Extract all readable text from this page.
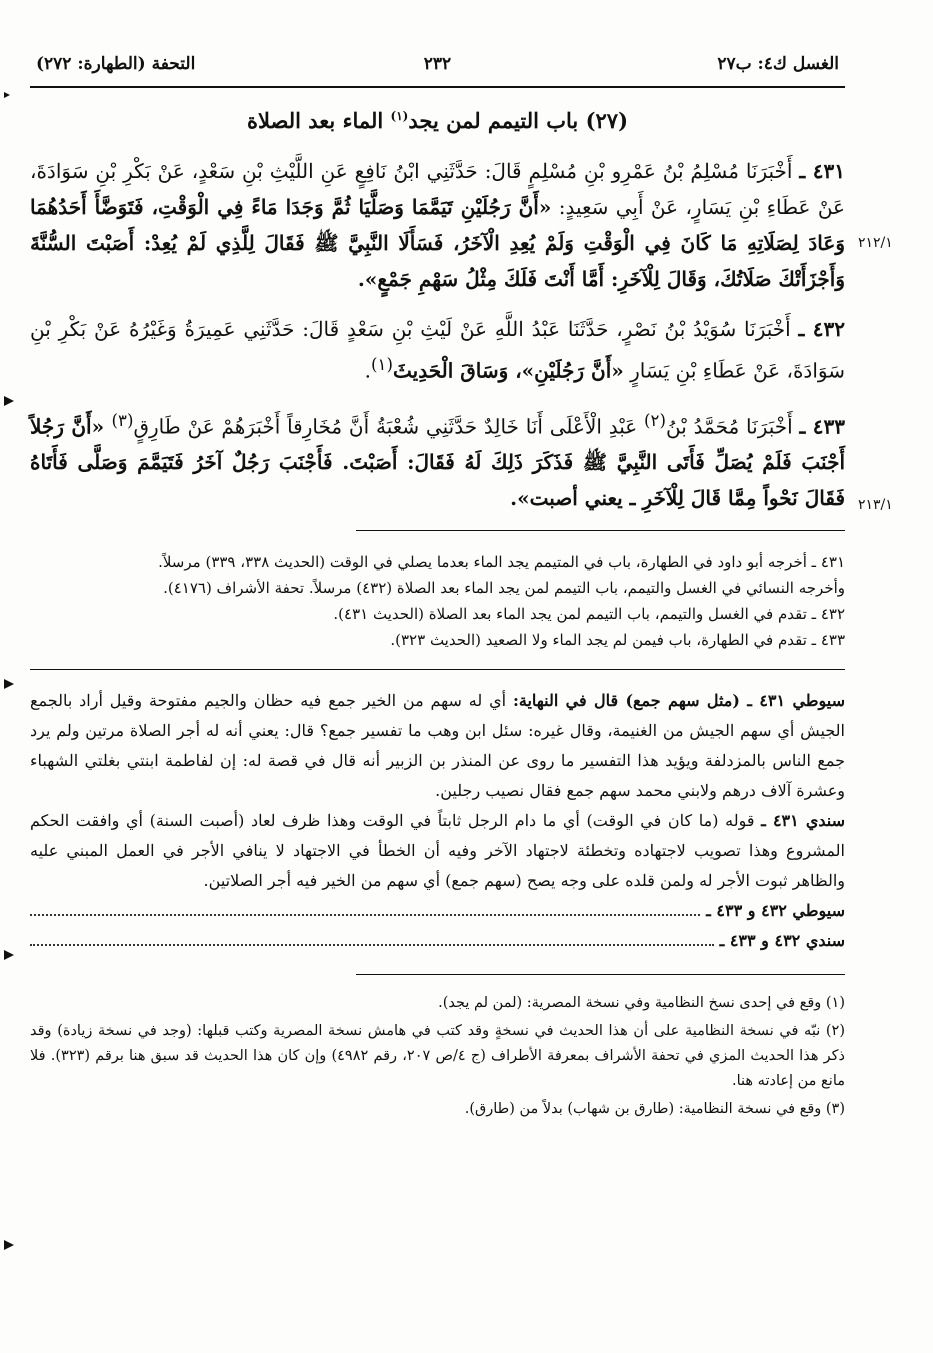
الغسل ك٤: ب٢٧
٢٣٢
التحفة (الطهارة: ٢٧٢)
(٢٧) باب التيمم لمن يجد$^{(١)}$ الماء بعد الصلاة

٤٣١ ـ أَخْبَرَنَا مُسْلِمُ بْنُ عَمْرِو بْنِ مُسْلِمٍ قَالَ: حَدَّثَنِي ابْنُ نَافِعٍ عَنِ اللَّيْثِ بْنِ سَعْدٍ، عَنْ بَكْرِ بْنِ سَوَادَةَ، عَنْ عَطَاءِ بْنِ يَسَارٍ، عَنْ أَبِي سَعِيدٍ: «أَنَّ رَجُلَيْنِ تَيَمَّمَا وَصَلَّيَا ثُمَّ وَجَدَا مَاءً فِي الْوَقْتِ، فَتَوَضَّأَ أَحَدُهُمَا وَعَادَ لِصَلَاتِهِ مَا كَانَ فِي الْوَقْتِ وَلَمْ يُعِدِ الْآخَرُ، فَسَأَلَا النَّبِيَّ ﷺ فَقَالَ لِلَّذِي لَمْ يُعِدْ: أَصَبْتَ السُّنَّةَ وَأَجْزَأَتْكَ صَلَاتُكَ، وَقَالَ لِلْآخَرِ: أَمَّا أَنْتَ فَلَكَ مِثْلُ سَهْمِ جَمْعٍ».

٤٣٢ ـ أَخْبَرَنَا سُوَيْدُ بْنُ نَصْرٍ، حَدَّثَنَا عَبْدُ اللَّهِ عَنْ لَيْثِ بْنِ سَعْدٍ قَالَ: حَدَّثَنِي عَمِيرَةُ وَغَيْرُهُ عَنْ بَكْرِ بْنِ سَوَادَةَ، عَنْ عَطَاءِ بْنِ يَسَارٍ «أَنَّ رَجُلَيْنِ»، وَسَاقَ الْحَدِيثَ$^{(١)}$.

٤٣٣ ـ أَخْبَرَنَا مُحَمَّدُ بْنُ$^{(٢)}$ عَبْدِ الْأَعْلَى أَنَا خَالِدٌ حَدَّثَنِي شُعْبَةُ أَنَّ مُخَارِقاً أَخْبَرَهُمْ عَنْ طَارِقٍ$^{(٣)}$ «أَنَّ رَجُلاً أَجْنَبَ فَلَمْ يُصَلِّ فَأَتَى النَّبِيَّ ﷺ فَذَكَرَ ذَلِكَ لَهُ فَقَالَ: أَصَبْتَ. فَأَجْنَبَ رَجُلٌ آخَرُ فَتَيَمَّمَ وَصَلَّى فَأَتَاهُ فَقَالَ نَحْواً مِمَّا قَالَ لِلْآخَرِ ـ يعني أصبت».

٤٣١ ـ أخرجه أبو داود في الطهارة، باب في المتيمم يجد الماء بعدما يصلي في الوقت (الحديث ٣٣٨، ٣٣٩) مرسلاً.

وأخرجه النسائي في الغسل والتيمم، باب التيمم لمن يجد الماء بعد الصلاة (٤٣٢) مرسلاً. تحفة الأشراف (٤١٧٦).

٤٣٢ ـ تقدم في الغسل والتيمم، باب التيمم لمن يجد الماء بعد الصلاة (الحديث ٤٣١).

٤٣٣ ـ تقدم في الطهارة، باب فيمن لم يجد الماء ولا الصعيد (الحديث ٣٢٣).

سيوطي ٤٣١ ـ (مثل سهم جمع) قال في النهاية: أي له سهم من الخير جمع فيه حظان والجيم مفتوحة وقيل أراد بالجمع الجيش أي سهم الجيش من الغنيمة، وقال غيره: سئل ابن وهب ما تفسير جمع؟ قال: يعني أنه له أجر الصلاة مرتين ولم يرد جمع الناس بالمزدلفة ويؤيد هذا التفسير ما روى عن المنذر بن الزبير أنه قال في قصة له: إن لفاطمة ابنتي بغلتي الشهباء وعشرة آلاف درهم ولابني محمد سهم جمع فقال نصيب رجلين.

سندي ٤٣١ ـ قوله (ما كان في الوقت) أي ما دام الرجل ثابتاً في الوقت وهذا ظرف لعاد (أصبت السنة) أي وافقت الحكم المشروع وهذا تصويب لاجتهاده وتخطئة لاجتهاد الآخر وفيه أن الخطأ في الاجتهاد لا ينافي الأجر في العمل المبني عليه والظاهر ثبوت الأجر له ولمن قلده على وجه يصح (سهم جمع) أي سهم من الخير فيه أجر الصلاتين.

سيوطي ٤٣٢ و ٤٣٣ ـ
سندي ٤٣٢ و ٤٣٣ ـ

(١) وقع في إحدى نسخ النظامية وفي نسخة المصرية: (لمن لم يجد).

(٢) نبّه في نسخة النظامية على أن هذا الحديث في نسخةٍ وقد كتب في هامش نسخة المصرية وكتب قبلها: (وجد في نسخة زيادة) وقد ذكر هذا الحديث المزي في تحفة الأشراف بمعرفة الأطراف (ج ٤/ص ٢٠٧، رقم ٤٩٨٢) وإن كان هذا الحديث قد سبق هنا برقم (٣٢٣). فلا مانع من إعادته هنا.

(٣) وقع في نسخة النظامية: (طارق بن شهاب) بدلاً من (طارق).

٢١٢/١
٢١٣/١
